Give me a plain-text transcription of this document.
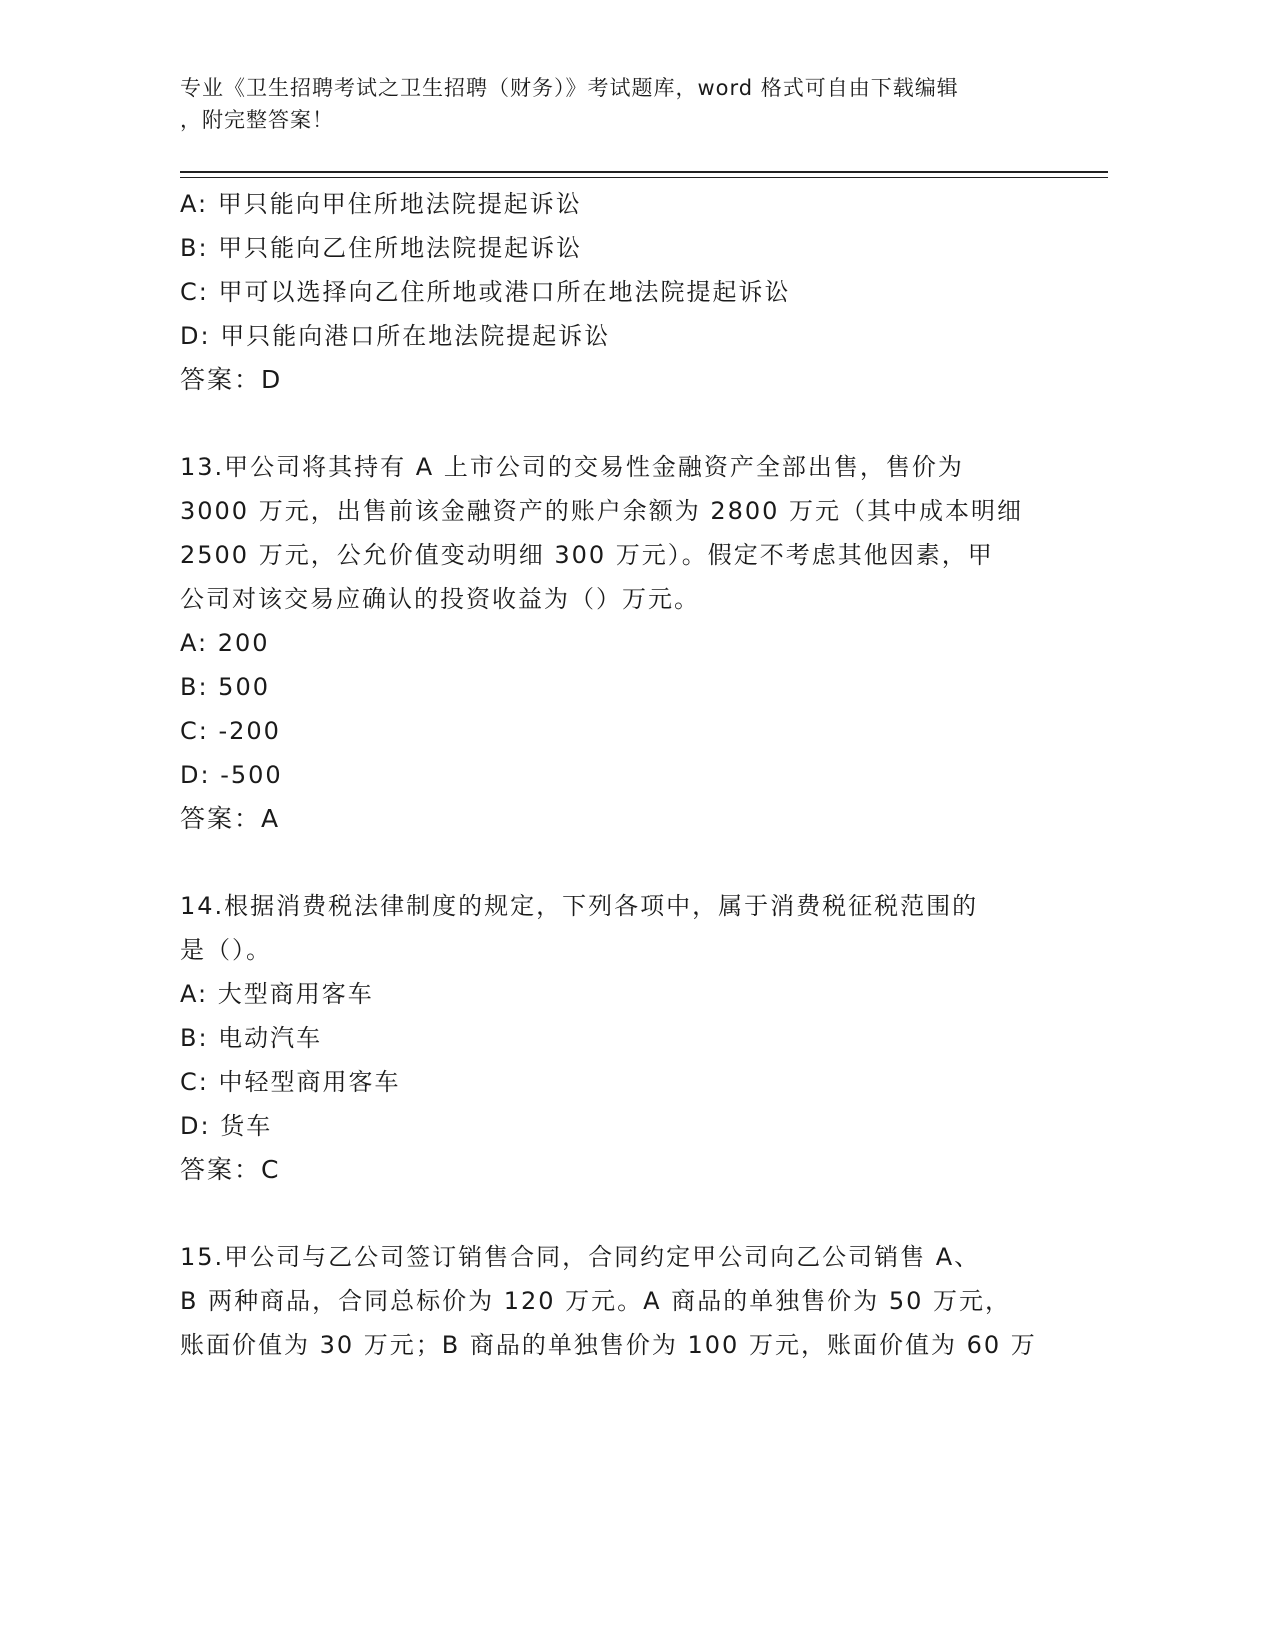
专业《卫生招聘考试之卫生招聘（财务）》考试题库，word 格式可自由下载编辑
，附完整答案！
A: 甲只能向甲住所地法院提起诉讼
B: 甲只能向乙住所地法院提起诉讼
C: 甲可以选择向乙住所地或港口所在地法院提起诉讼
D: 甲只能向港口所在地法院提起诉讼
答案：D
13.甲公司将其持有 A 上市公司的交易性金融资产全部出售，售价为
3000 万元，出售前该金融资产的账户余额为 2800 万元（其中成本明细
2500 万元，公允价值变动明细 300 万元）。假定不考虑其他因素，甲
公司对该交易应确认的投资收益为（）万元。
A: 200
B: 500
C: -200
D: -500
答案：A
14.根据消费税法律制度的规定，下列各项中，属于消费税征税范围的
是（）。
A: 大型商用客车
B: 电动汽车
C: 中轻型商用客车
D: 货车
答案：C
15.甲公司与乙公司签订销售合同，合同约定甲公司向乙公司销售 A、
B 两种商品，合同总标价为 120 万元。A 商品的单独售价为 50 万元，
账面价值为 30 万元；B 商品的单独售价为 100 万元，账面价值为 60 万
